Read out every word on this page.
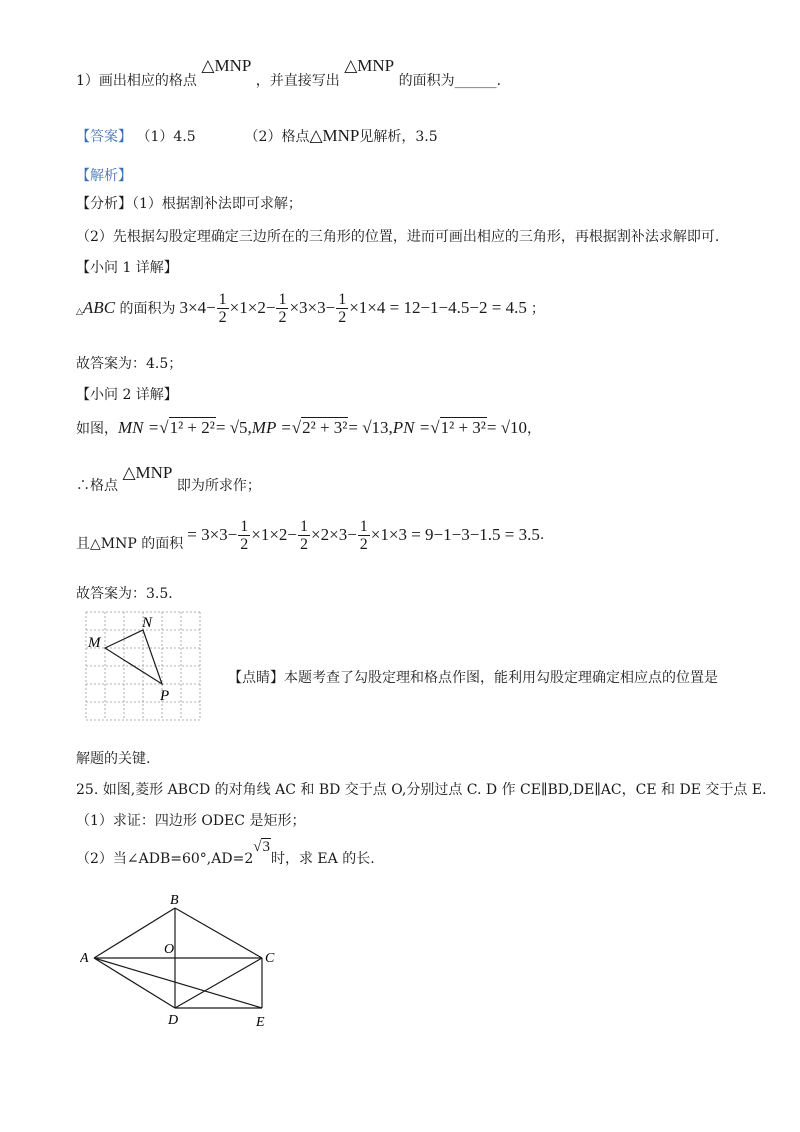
1）画出相应的格点 △MNP ，并直接写出 △MNP 的面积为______.
【答案】 （1）4.5	（2）格点△MNP见解析，3.5
【解析】
【分析】（1）根据割补法即可求解；
（2）先根据勾股定理确定三边所在的三角形的位置，进而可画出相应的三角形，再根据割补法求解即可.
【小问 1 详解】
△ ABC 的面积为 $3\times 4- \frac{1}{2} \times 1\times 2- \frac{1}{2} \times 3\times 3- \frac{1}{2} \times 1\times 4 = 12-1-4.5-2 = 4.5$ ；
故答案为：4.5；
【小问 2 详解】
如图， MN = √1² + 2² = √5, MP = √2² + 3² = √13, PN = √1² + 3² = √10 ，
∴格点 △MNP 即为所求作；
且△MNP 的面积 = $3\times 3- \frac{1}{2} \times 1\times 2- \frac{1}{2} \times 2\times 3- \frac{1}{2} \times 1\times 3 = 9-1-3-1.5 = 3.5$ .
故答案为：3.5.
M
N
P
【点睛】本题考查了勾股定理和格点作图，能利用勾股定理确定相应点的位置是
解题的关键.
25. 如图,菱形 ABCD 的对角线 AC 和 BD 交于点 O,分别过点 C. D 作 CE∥BD,DE∥AC，CE 和 DE 交于点 E.
（1）求证：四边形 ODEC 是矩形；
（2）当∠ADB=60°,AD=2√3时，求 EA 的长.
A
B
C
D	E
O
